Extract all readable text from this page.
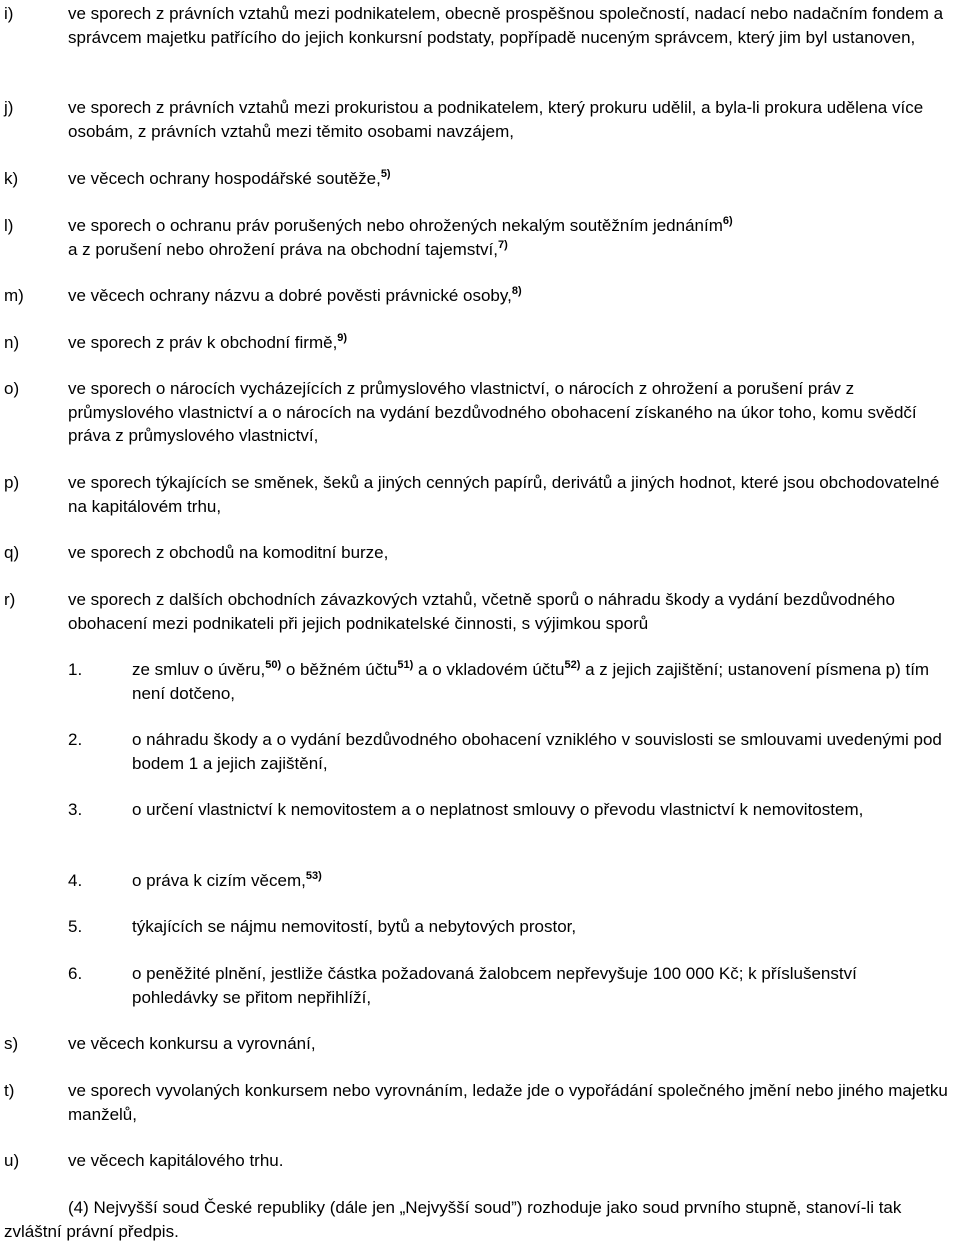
i)	ve sporech z právních vztahů mezi podnikatelem, obecně prospěšnou společností, nadací nebo nadačním fondem a správcem majetku patřícího do jejich konkursní podstaty, popřípadě nuceným správcem, který jim byl ustanoven,
j)	ve sporech z právních vztahů mezi prokuristou a podnikatelem, který prokuru udělil, a byla-li prokura udělena více osobám, z právních vztahů mezi těmito osobami navzájem,
k)	ve věcech ochrany hospodářské soutěže,$^{5)}$
l)	ve sporech o ochranu práv porušených nebo ohrožených nekalým soutěžním jednáním$^{6)}$
a z porušení nebo ohrožení práva na obchodní tajemství,$^{7)}$
m)	ve věcech ochrany názvu a dobré pověsti právnické osoby,$^{8)}$
n)	ve sporech z práv k obchodní firmě,$^{9)}$
o)	ve sporech o nárocích vycházejících z průmyslového vlastnictví, o nárocích z ohrožení a porušení práv z průmyslového vlastnictví a o nárocích na vydání bezdůvodného obohacení získaného na úkor toho, komu svědčí práva z průmyslového vlastnictví,
p)	ve sporech týkajících se směnek, šeků a jiných cenných papírů, derivátů a jiných hodnot, které jsou obchodovatelné na kapitálovém trhu,
q)	ve sporech z obchodů na komoditní burze,
r)	ve sporech z dalších obchodních závazkových vztahů, včetně sporů o náhradu škody a vydání bezdůvodného obohacení mezi podnikateli při jejich podnikatelské činnosti, s výjimkou sporů
1.	ze smluv o úvěru,$^{50)}$ o běžném účtu$^{51)}$ a o vkladovém účtu$^{52)}$ a z jejich zajištění; ustanovení písmena p) tím není dotčeno,
2.	o náhradu škody a o vydání bezdůvodného obohacení vzniklého v souvislosti se smlouvami uvedenými pod bodem 1 a jejich zajištění,
3.	o určení vlastnictví k nemovitostem a o neplatnost smlouvy o převodu vlastnictví k nemovitostem,
4.	o práva k cizím věcem,$^{53)}$
5.	týkajících se nájmu nemovitostí, bytů a nebytových prostor,
6.	o peněžité plnění, jestliže částka požadovaná žalobcem nepřevyšuje 100 000 Kč; k příslušenství pohledávky se přitom nepřihlíží,
s)	ve věcech konkursu a vyrovnání,
t)	ve sporech vyvolaných konkursem nebo vyrovnáním, ledaže jde o vypořádání společného jmění nebo jiného majetku manželů,
u)	ve věcech kapitálového trhu.
(4) Nejvyšší soud České republiky (dále jen „Nejvyšší soud”) rozhoduje jako soud prvního stupně, stanoví-li tak zvláštní právní předpis.
